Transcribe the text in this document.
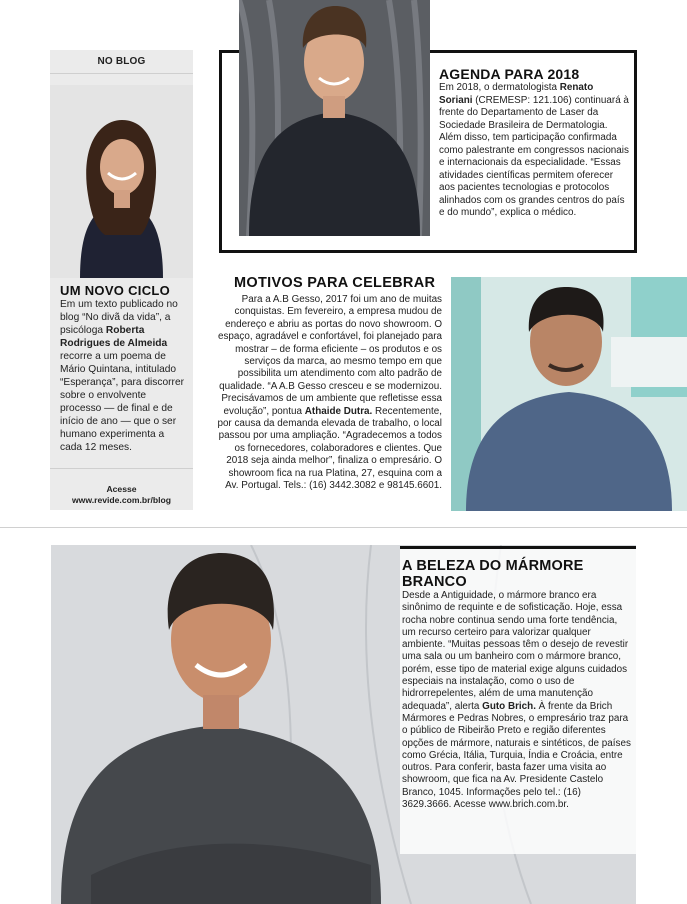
NO BLOG
UM NOVO CICLO
Em um texto publicado no blog “No divã da vida”, a psicóloga Roberta Rodrigues de Almeida recorre a um poema de Mário Quintana, intitulado “Esperança”, para discorrer sobre o envolvente processo — de final e de início de ano — que o ser humano experimenta a cada 12 meses.
Acesse
www.revide.com.br/blog
AGENDA PARA 2018
Em 2018, o dermatologista Renato Soriani (CREMESP: 121.106) continuará à frente do Departamento de Laser da Sociedade Brasileira de Dermatologia. Além disso, tem participação confirmada como palestrante em congressos nacionais e internacionais da especialidade. “Essas atividades científicas permitem oferecer aos pacientes tecnologias e protocolos alinhados com os grandes centros do país e do mundo”, explica o médico.
MOTIVOS PARA CELEBRAR
Para a A.B Gesso, 2017 foi um ano de muitas conquistas. Em fevereiro, a empresa mudou de endereço e abriu as portas do novo showroom. O espaço, agradável e confortável, foi planejado para mostrar – de forma eficiente – os produtos e os serviços da marca, ao mesmo tempo em que possibilita um atendimento com alto padrão de qualidade. “A A.B Gesso cresceu e se modernizou. Precisávamos de um ambiente que refletisse essa evolução”, pontua Athaide Dutra. Recentemente, por causa da demanda elevada de trabalho, o local passou por uma ampliação. “Agradecemos a todos os fornecedores, colaboradores e clientes. Que 2018 seja ainda melhor”, finaliza o empresário. O showroom fica na rua Platina, 27, esquina com a Av. Portugal. Tels.: (16) 3442.3082 e 98145.6601.
A BELEZA DO MÁRMORE BRANCO
Desde a Antiguidade, o mármore branco era sinônimo de requinte e de sofisticação. Hoje, essa rocha nobre continua sendo uma forte tendência, um recurso certeiro para valorizar qualquer ambiente. “Muitas pessoas têm o desejo de revestir uma sala ou um banheiro com o mármore branco, porém, esse tipo de material exige alguns cuidados especiais na instalação, como o uso de hidrorrepelentes, além de uma manutenção adequada”, alerta Guto Brich. À frente da Brich Mármores e Pedras Nobres, o empresário traz para o público de Ribeirão Preto e região diferentes opções de mármore, naturais e sintéticos, de países como Grécia, Itália, Turquia, Índia e Croácia, entre outros. Para conferir, basta fazer uma visita ao showroom, que fica na Av. Presidente Castelo Branco, 1045. Informações pelo tel.: (16) 3629.3666. Acesse www.brich.com.br.
